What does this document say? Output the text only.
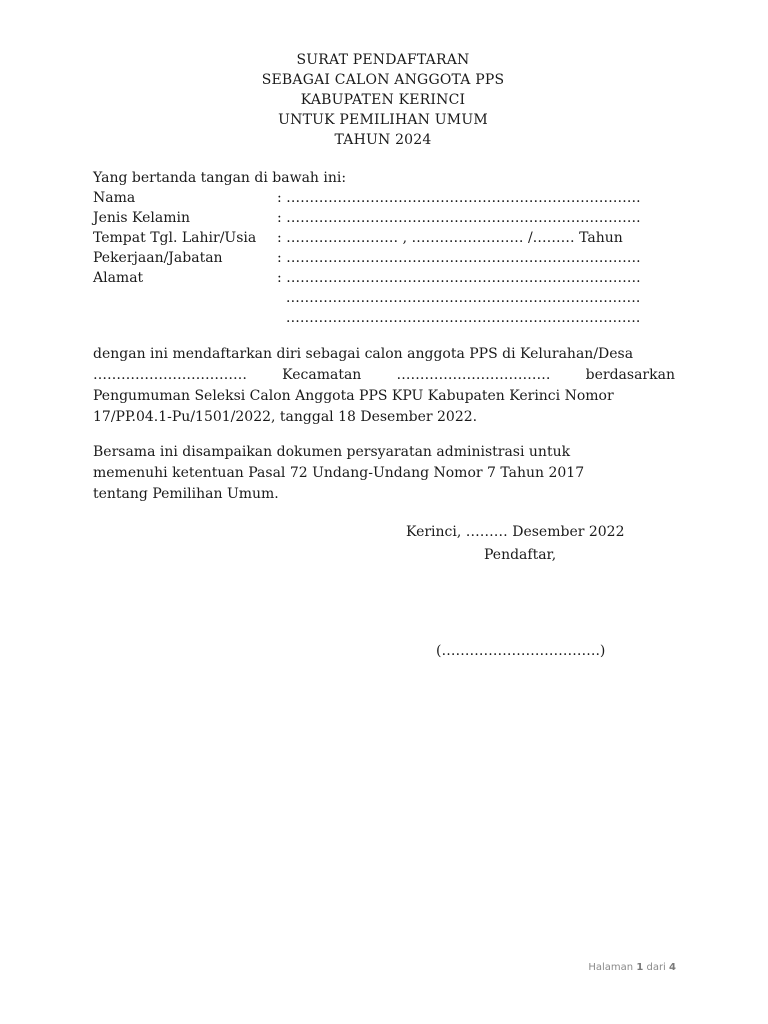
SURAT PENDAFTARAN
SEBAGAI CALON ANGGOTA PPS
KABUPATEN KERINCI
UNTUK PEMILIHAN UMUM
TAHUN 2024
Yang bertanda tangan di bawah ini:
Nama	: ………………………………………………………………….
Jenis Kelamin	: ………………………………………………………………….
Tempat Tgl. Lahir/Usia	: …………………… , …………………… /……… Tahun
Pekerjaan/Jabatan	: ………………………………………………………………….
Alamat	: ………………………………………………………………….
………………………………………………………………….
………………………………………………………………….
dengan ini mendaftarkan diri sebagai calon anggota PPS di Kelurahan/Desa
……………………………	Kecamatan	……………………………	berdasarkan
Pengumuman Seleksi Calon Anggota PPS KPU Kabupaten Kerinci Nomor
17/PP.04.1-Pu/1501/2022, tanggal 18 Desember 2022.
Bersama ini disampaikan dokumen persyaratan administrasi untuk
memenuhi ketentuan Pasal 72 Undang-Undang Nomor 7 Tahun 2017
tentang Pemilihan Umum.
Kerinci, ……… Desember 2022
Pendaftar,
(…………………………….)
Halaman 1 dari 4
